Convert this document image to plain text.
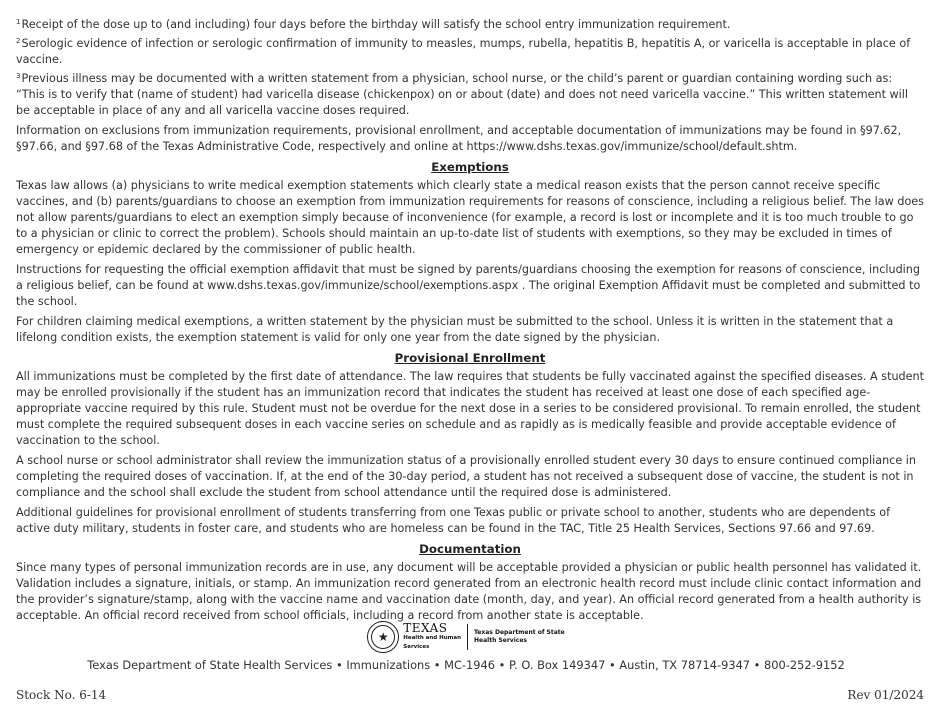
$^1$Receipt of the dose up to (and including) four days before the birthday will satisfy the school entry immunization requirement.

$^2$Serologic evidence of infection or serologic confirmation of immunity to measles, mumps, rubella, hepatitis B, hepatitis A, or varicella is acceptable in place of vaccine.

$^3$Previous illness may be documented with a written statement from a physician, school nurse, or the child’s parent or guardian containing wording such as: “This is to verify that (name of student) had varicella disease (chickenpox) on or about (date) and does not need varicella vaccine.” This written statement will be acceptable in place of any and all varicella vaccine doses required.

Information on exclusions from immunization requirements, provisional enrollment, and acceptable documentation of immunizations may be found in §97.62, §97.66, and §97.68 of the Texas Administrative Code, respectively and online at https://www.dshs.texas.gov/immunize/school/default.shtm.

Exemptions

Texas law allows (a) physicians to write medical exemption statements which clearly state a medical reason exists that the person cannot receive specific vaccines, and (b) parents/guardians to choose an exemption from immunization requirements for reasons of conscience, including a religious belief. The law does not allow parents/guardians to elect an exemption simply because of inconvenience (for example, a record is lost or incomplete and it is too much trouble to go to a physician or clinic to correct the problem). Schools should maintain an up-to-date list of students with exemptions, so they may be excluded in times of emergency or epidemic declared by the commissioner of public health.

Instructions for requesting the official exemption affidavit that must be signed by parents/guardians choosing the exemption for reasons of conscience, including a religious belief, can be found at www.dshs.texas.gov/immunize/school/exemptions.aspx . The original Exemption Affidavit must be completed and submitted to the school.

For children claiming medical exemptions, a written statement by the physician must be submitted to the school. Unless it is written in the statement that a lifelong condition exists, the exemption statement is valid for only one year from the date signed by the physician.

Provisional Enrollment

All immunizations must be completed by the first date of attendance. The law requires that students be fully vaccinated against the specified diseases. A student may be enrolled provisionally if the student has an immunization record that indicates the student has received at least one dose of each specified age-appropriate vaccine required by this rule. Student must not be overdue for the next dose in a series to be considered provisional. To remain enrolled, the student must complete the required subsequent doses in each vaccine series on schedule and as rapidly as is medically feasible and provide acceptable evidence of vaccination to the school.

A school nurse or school administrator shall review the immunization status of a provisionally enrolled student every 30 days to ensure continued compliance in completing the required doses of vaccination. If, at the end of the 30-day period, a student has not received a subsequent dose of vaccine, the student is not in compliance and the school shall exclude the student from school attendance until the required dose is administered.

Additional guidelines for provisional enrollment of students transferring from one Texas public or private school to another, students who are dependents of active duty military, students in foster care, and students who are homeless can be found in the TAC, Title 25 Health Services, Sections 97.66 and 97.69.

Documentation

Since many types of personal immunization records are in use, any document will be acceptable provided a physician or public health personnel has validated it. Validation includes a signature, initials, or stamp. An immunization record generated from an electronic health record must include clinic contact information and the provider’s signature/stamp, along with the vaccine name and vaccination date (month, day, and year). An official record generated from a health authority is acceptable. An official record received from school officials, including a record from another state is acceptable.

★
TEXAS
Health and Human
Services
Texas Department of State
Health Services
Texas Department of State Health Services • Immunizations • MC-1946 • P. O. Box 149347 • Austin, TX 78714-9347 • 800-252-9152
Stock No. 6-14	Rev 01/2024
